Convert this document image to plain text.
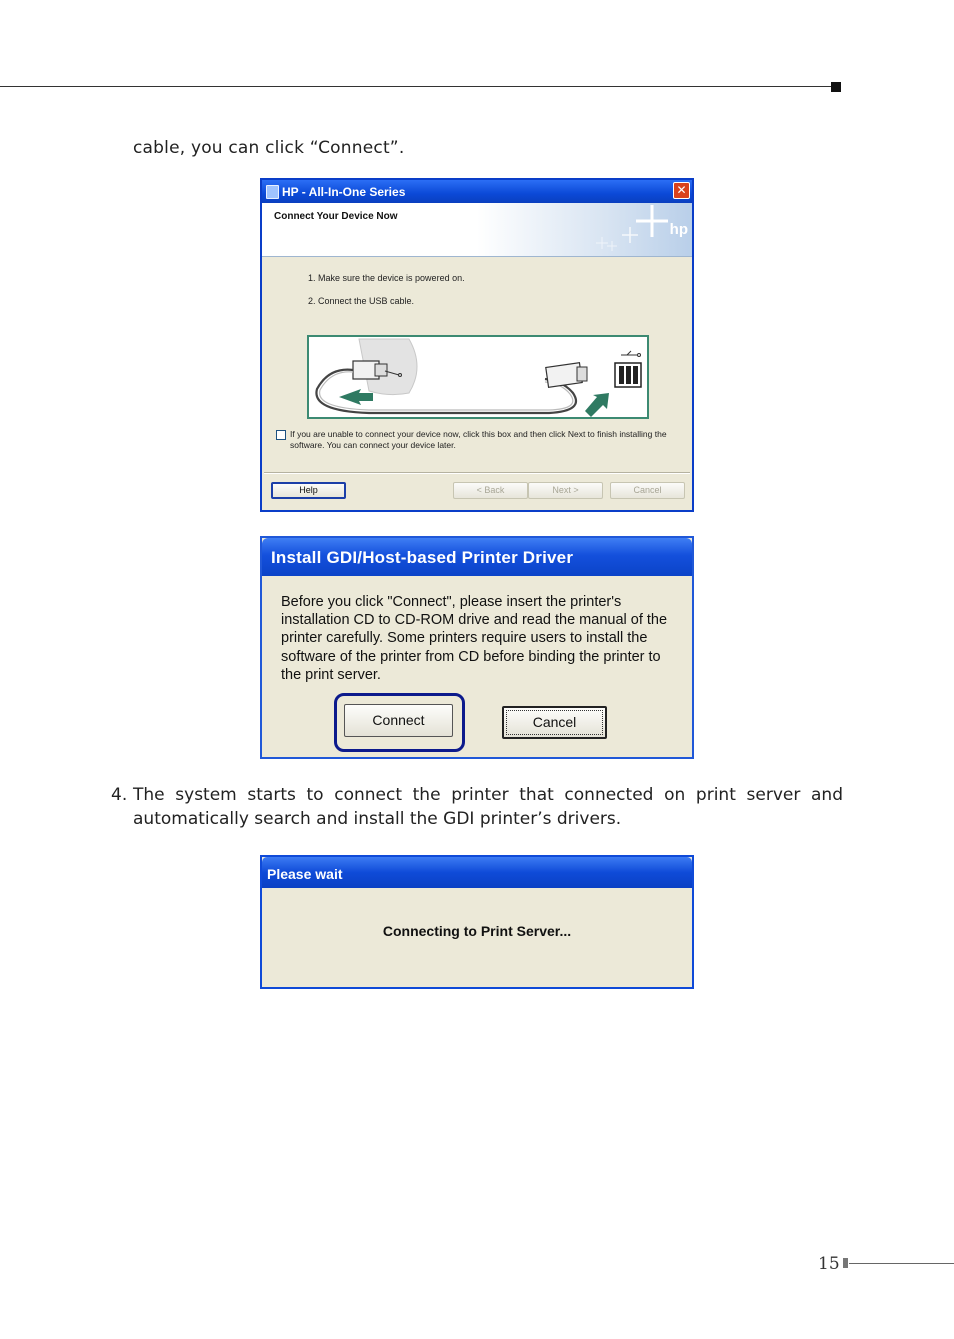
cable, you can click “Connect”.
HP - All-In-One Series	✕
Connect Your Device Now
hp
1. Make sure the device is powered on.
2. Connect the USB cable.
If you are unable to connect your device now, click this box and then click Next to finish installing the software. You can connect your device later.
Help	< Back	Next >	Cancel
Install GDI/Host-based Printer Driver
Before you click "Connect", please insert the printer's installation CD to CD-ROM drive and read the manual of the printer carefully. Some printers require users to install the software of the printer from CD before binding the printer to the print server.
Connect	Cancel
4. The system starts to connect the printer that connected on print server and automatically search and install the GDI printer’s drivers.
Please wait
Connecting to Print Server...
15
